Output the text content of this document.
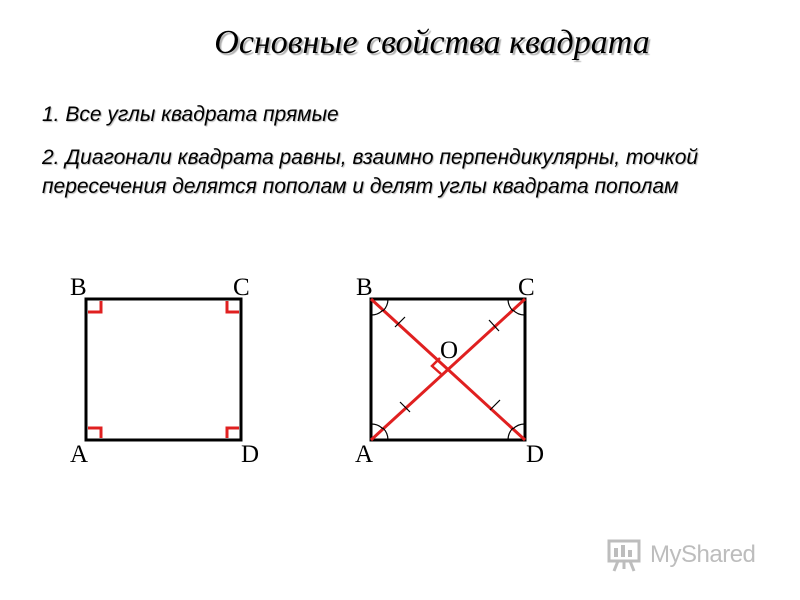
Основные свойства квадрата

1. Все углы квадрата прямые

2. Диагонали квадрата равны, взаимно перпендикулярны, точкой пересечения делятся пополам и делят углы квадрата пополам

B	C
A	D
B	C
O
A	D
MyShared
